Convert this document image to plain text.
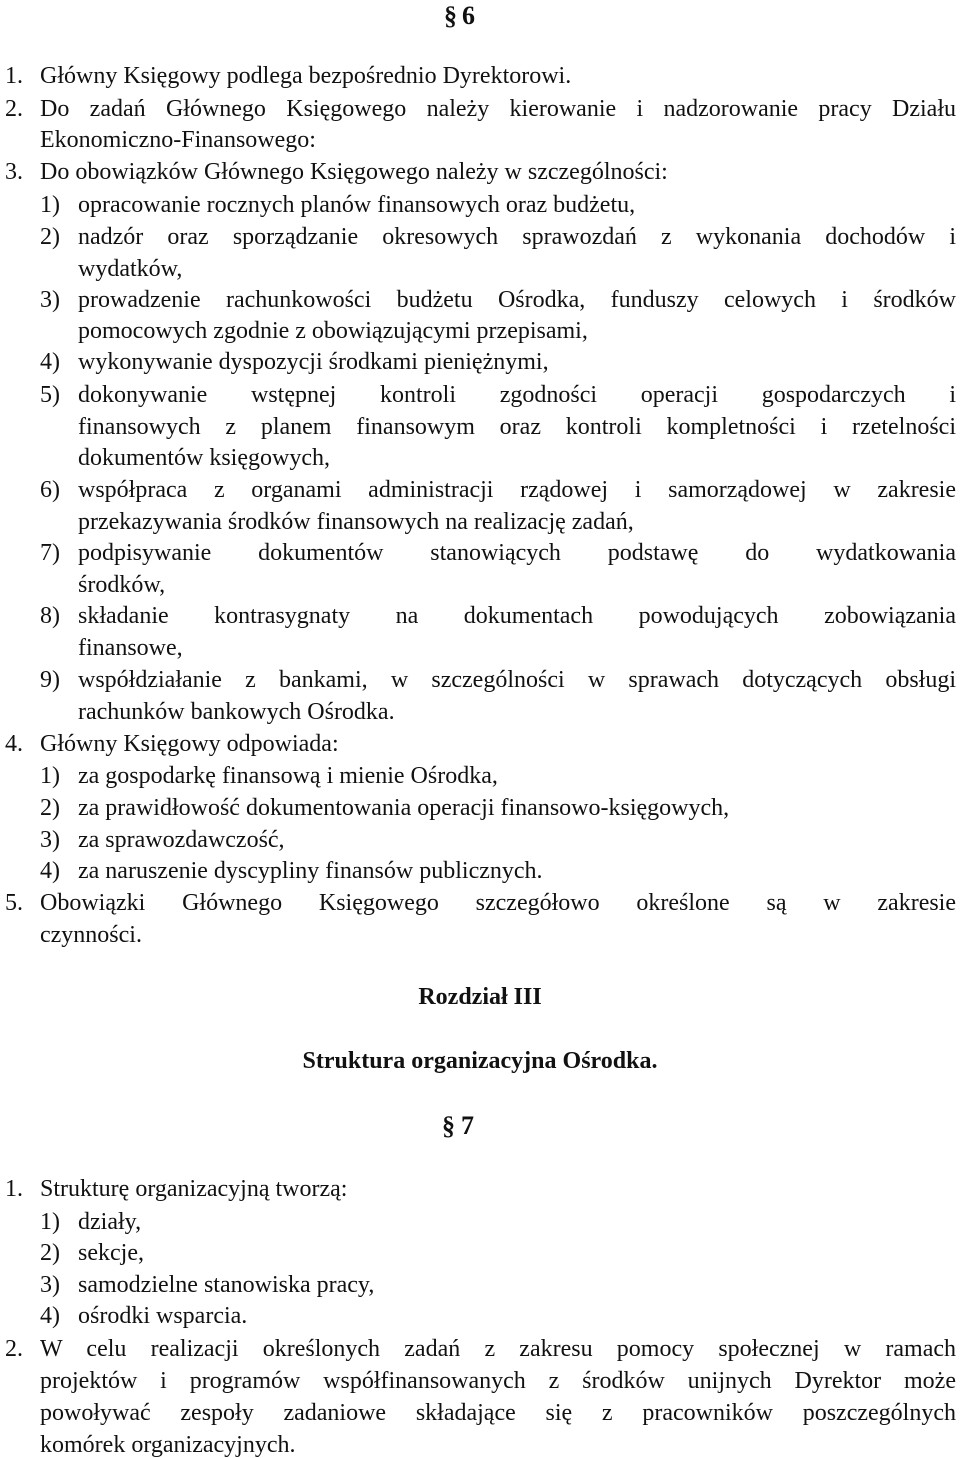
§ 6
1. Główny Księgowy podlega bezpośrednio Dyrektorowi.
2. Do zadań Głównego Księgowego należy kierowanie i nadzorowanie pracy Działu
Ekonomiczno-Finansowego:
3. Do obowiązków Głównego Księgowego należy w szczególności:
1) opracowanie rocznych planów finansowych oraz budżetu,
2) nadzór oraz sporządzanie okresowych sprawozdań z wykonania dochodów i
wydatków,
3) prowadzenie rachunkowości budżetu Ośrodka, funduszy celowych i środków
pomocowych zgodnie z obowiązującymi przepisami,
4) wykonywanie dyspozycji środkami pieniężnymi,
5) dokonywanie wstępnej kontroli zgodności operacji gospodarczych i
finansowych z planem finansowym oraz kontroli kompletności i rzetelności
dokumentów księgowych,
6) współpraca z organami administracji rządowej i samorządowej w zakresie
przekazywania środków finansowych na realizację zadań,
7) podpisywanie dokumentów stanowiących podstawę do wydatkowania
środków,
8) składanie kontrasygnaty na dokumentach powodujących zobowiązania
finansowe,
9) współdziałanie z bankami, w szczególności w sprawach dotyczących obsługi
rachunków bankowych Ośrodka.
4. Główny Księgowy odpowiada:
1) za gospodarkę finansową i mienie Ośrodka,
2) za prawidłowość dokumentowania operacji finansowo-księgowych,
3) za sprawozdawczość,
4) za naruszenie dyscypliny finansów publicznych.
5. Obowiązki Głównego Księgowego szczegółowo określone są w zakresie
czynności.
Rozdział III
Struktura organizacyjna Ośrodka.
§ 7
1. Strukturę organizacyjną tworzą:
1) działy,
2) sekcje,
3) samodzielne stanowiska pracy,
4) ośrodki wsparcia.
2. W celu realizacji określonych zadań z zakresu pomocy społecznej w ramach
projektów i programów współfinansowanych z środków unijnych Dyrektor może
powoływać zespoły zadaniowe składające się z pracowników poszczególnych
komórek organizacyjnych.
